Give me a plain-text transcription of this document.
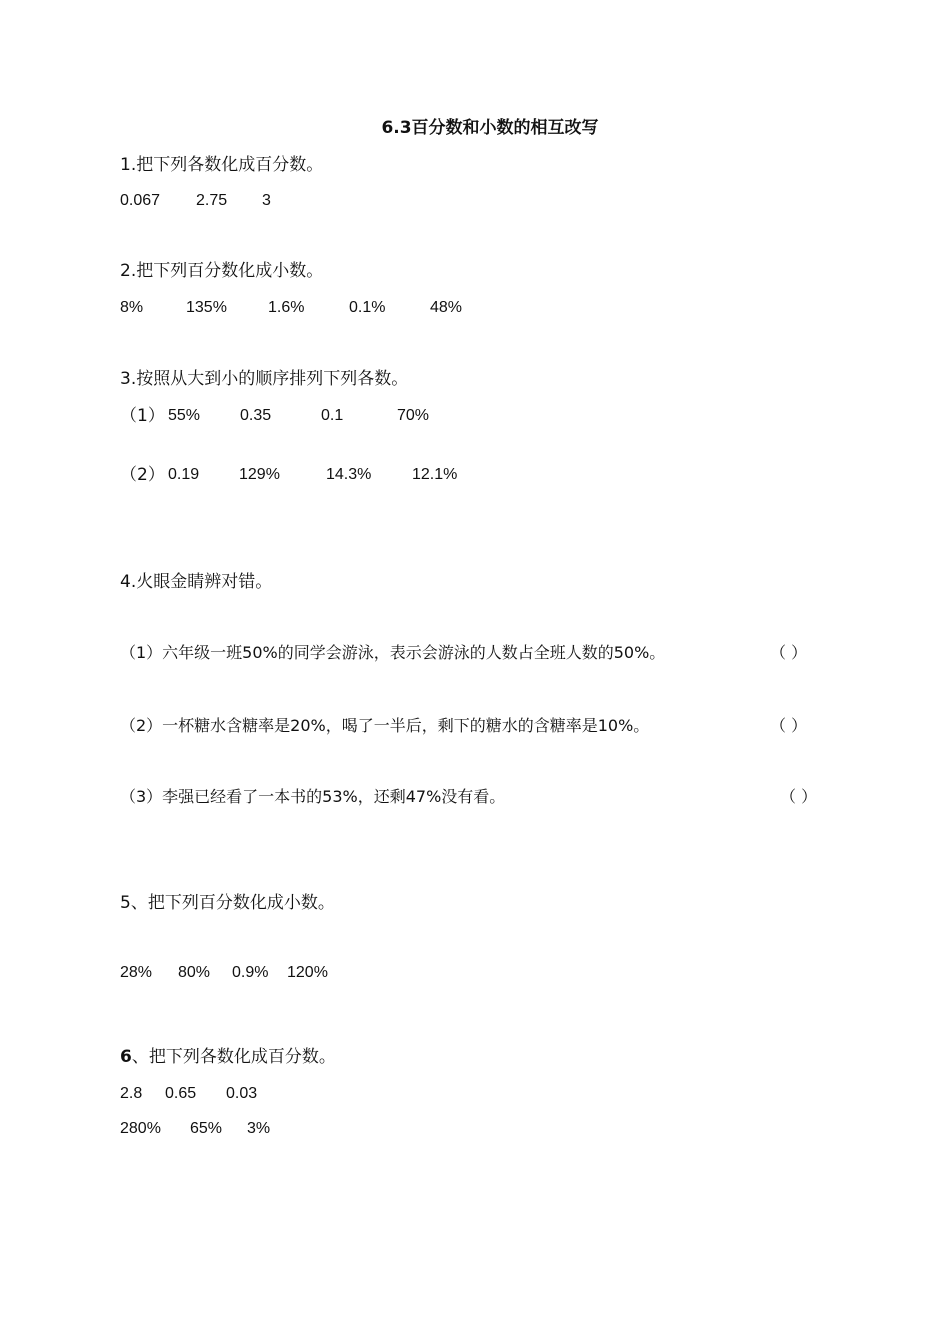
6.3百分数和小数的相互改写
1.把下列各数化成百分数。
0.067 2.75 3
2.把下列百分数化成小数。
8%	135%	1.6%	0.1%	48%
3.按照从大到小的顺序排列下列各数。
（1） 55% 0.35	0.1	70%
（2） 0.19 129%	14.3%	12.1%
4.火眼金睛辨对错。
（1）六年级一班50%的同学会游泳，表示会游泳的人数占全班人数的50%。	（ ）
（2）一杯糖水含糖率是20%，喝了一半后，剩下的糖水的含糖率是10%。	（ ）
（3）李强已经看了一本书的53%，还剩47%没有看。	（ ）
5、把下列百分数化成小数。
28% 80% 0.9% 120%
6、把下列各数化成百分数。
2.8 0.65 0.03
280% 65% 3%
